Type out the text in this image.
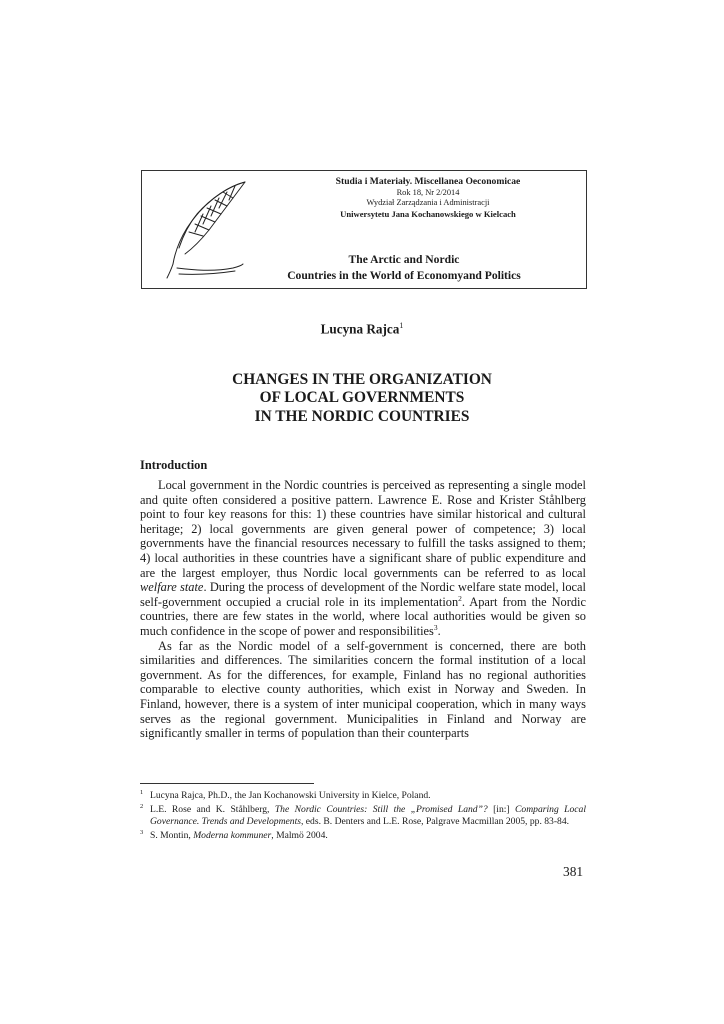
Studia i Materiały. Miscellanea Oeconomicae
Rok 18, Nr 2/2014
Wydział Zarządzania i Administracji
Uniwersytetu Jana Kochanowskiego w Kielcach
The Arctic and Nordic
Countries in the World of Economyand Politics
Lucyna Rajca$^1$
CHANGES IN THE ORGANIZATION
OF LOCAL GOVERNMENTS
IN THE NORDIC COUNTRIES
Introduction

Local government in the Nordic countries is perceived as representing a single model and quite often considered a positive pattern. Lawrence E. Rose and Krister Ståhlberg point to four key reasons for this: 1) these countries have similar historical and cultural heritage; 2) local governments are given general power of competence; 3) local governments have the financial resources necessary to fulfill the tasks assigned to them; 4) local authorities in these countries have a significant share of public expenditure and are the largest employer, thus Nordic local governments can be referred to as local welfare state. During the process of development of the Nordic welfare state model, local self-government occupied a crucial role in its implementation$^2$. Apart from the Nordic countries, there are few states in the world, where local authorities would be given so much confidence in the scope of power and responsibilities$^3$.

As far as the Nordic model of a self-government is concerned, there are both similarities and differences. The similarities concern the formal institution of a local government. As for the differences, for example, Finland has no regional authorities comparable to elective county authorities, which exist in Norway and Sweden. In Finland, however, there is a system of inter municipal cooperation, which in many ways serves as the regional government. Municipalities in Finland and Norway are significantly smaller in terms of population than their counterparts

1 Lucyna Rajca, Ph.D., the Jan Kochanowski University in Kielce, Poland.
2 L.E. Rose and K. Ståhlberg, The Nordic Countries: Still the „Promised Land”? [in:] Comparing Local Governance. Trends and Developments, eds. B. Denters and L.E. Rose, Palgrave Macmillan 2005, pp. 83-84.
3 S. Montin, Moderna kommuner, Malmö 2004.
381
